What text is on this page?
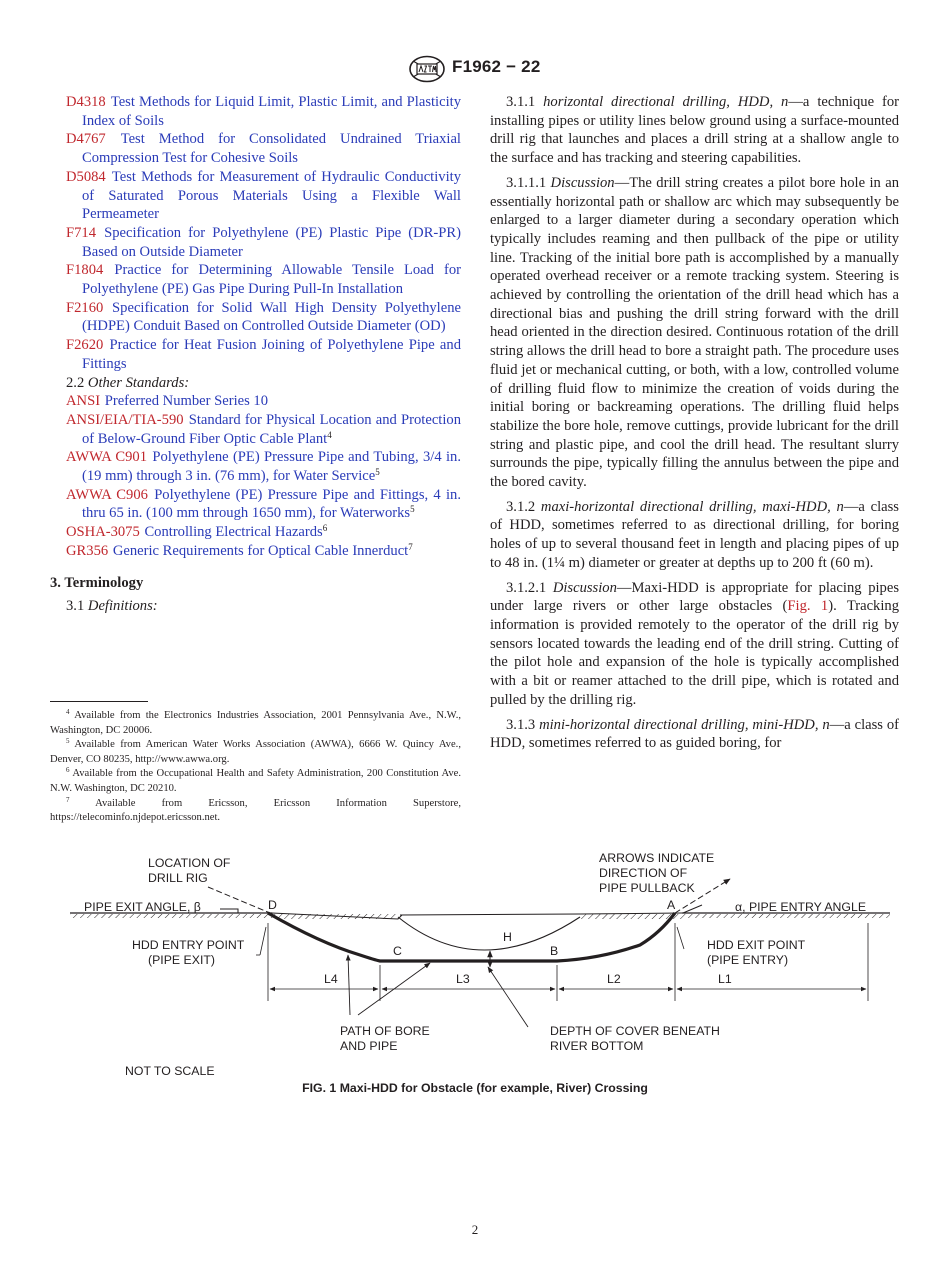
F1962 − 22

D4318 Test Methods for Liquid Limit, Plastic Limit, and Plasticity Index of Soils

D4767 Test Method for Consolidated Undrained Triaxial Compression Test for Cohesive Soils

D5084 Test Methods for Measurement of Hydraulic Conductivity of Saturated Porous Materials Using a Flexible Wall Permeameter

F714 Specification for Polyethylene (PE) Plastic Pipe (DR-PR) Based on Outside Diameter

F1804 Practice for Determining Allowable Tensile Load for Polyethylene (PE) Gas Pipe During Pull-In Installation

F2160 Specification for Solid Wall High Density Polyethylene (HDPE) Conduit Based on Controlled Outside Diameter (OD)

F2620 Practice for Heat Fusion Joining of Polyethylene Pipe and Fittings

2.2 Other Standards:

ANSI Preferred Number Series 10

ANSI/EIA/TIA-590 Standard for Physical Location and Protection of Below-Ground Fiber Optic Cable Plant$^4$

AWWA C901 Polyethylene (PE) Pressure Pipe and Tubing, 3/4 in. (19 mm) through 3 in. (76 mm), for Water Service$^5$

AWWA C906 Polyethylene (PE) Pressure Pipe and Fittings, 4 in. thru 65 in. (100 mm through 1650 mm), for Waterworks$^5$

OSHA-3075 Controlling Electrical Hazards$^6$

GR356 Generic Requirements for Optical Cable Innerduct$^7$

3. Terminology

3.1 Definitions:

$^4$ Available from the Electronics Industries Association, 2001 Pennsylvania Ave., N.W., Washington, DC 20006.

$^5$ Available from American Water Works Association (AWWA), 6666 W. Quincy Ave., Denver, CO 80235, http://www.awwa.org.

$^6$ Available from the Occupational Health and Safety Administration, 200 Constitution Ave. N.W. Washington, DC 20210.

$^7$ Available from Ericsson, Ericsson Information Superstore, https://telecominfo.njdepot.ericsson.net.

3.1.1 horizontal directional drilling, HDD, n—a technique for installing pipes or utility lines below ground using a surface-mounted drill rig that launches and places a drill string at a shallow angle to the surface and has tracking and steering capabilities.

3.1.1.1 Discussion—The drill string creates a pilot bore hole in an essentially horizontal path or shallow arc which may subsequently be enlarged to a larger diameter during a secondary operation which typically includes reaming and then pullback of the pipe or utility line. Tracking of the initial bore path is accomplished by a manually operated overhead receiver or a remote tracking system. Steering is achieved by controlling the orientation of the drill head which has a directional bias and pushing the drill string forward with the drill head oriented in the direction desired. Continuous rotation of the drill string allows the drill head to bore a straight path. The procedure uses fluid jet or mechanical cutting, or both, with a low, controlled volume of drilling fluid flow to minimize the creation of voids during the initial boring or backreaming operations. The drilling fluid helps stabilize the bore hole, remove cuttings, provide lubricant for the drill string and plastic pipe, and cool the drill head. The resultant slurry surrounds the pipe, typically filling the annulus between the pipe and the bored cavity.

3.1.2 maxi-horizontal directional drilling, maxi-HDD, n—a class of HDD, sometimes referred to as directional drilling, for boring holes of up to several thousand feet in length and placing pipes of up to 48 in. (1¼ m) diameter or greater at depths up to 200 ft (60 m).

3.1.2.1 Discussion—Maxi-HDD is appropriate for placing pipes under large rivers or other large obstacles (Fig. 1). Tracking information is provided remotely to the operator of the drill rig by sensors located towards the leading end of the drill string. Cutting of the pilot hole and expansion of the hole is typically accomplished with a bit or reamer attached to the drill pipe, which is rotated and pulled by the drilling rig.

3.1.3 mini-horizontal directional drilling, mini-HDD, n—a class of HDD, sometimes referred to as guided boring, for

LOCATION OF
DRILL RIG
ARROWS INDICATE
DIRECTION OF
PIPE PULLBACK
PIPE EXIT ANGLE, β	α, PIPE ENTRY ANGLE
HDD ENTRY POINT
(PIPE EXIT)
HDD EXIT POINT
(PIPE ENTRY)
A
B
C
D
H
L1
L2
L3
L4
PATH OF BORE
AND PIPE
DEPTH OF COVER BENEATH
RIVER BOTTOM
NOT TO SCALE
FIG. 1 Maxi-HDD for Obstacle (for example, River) Crossing
2
